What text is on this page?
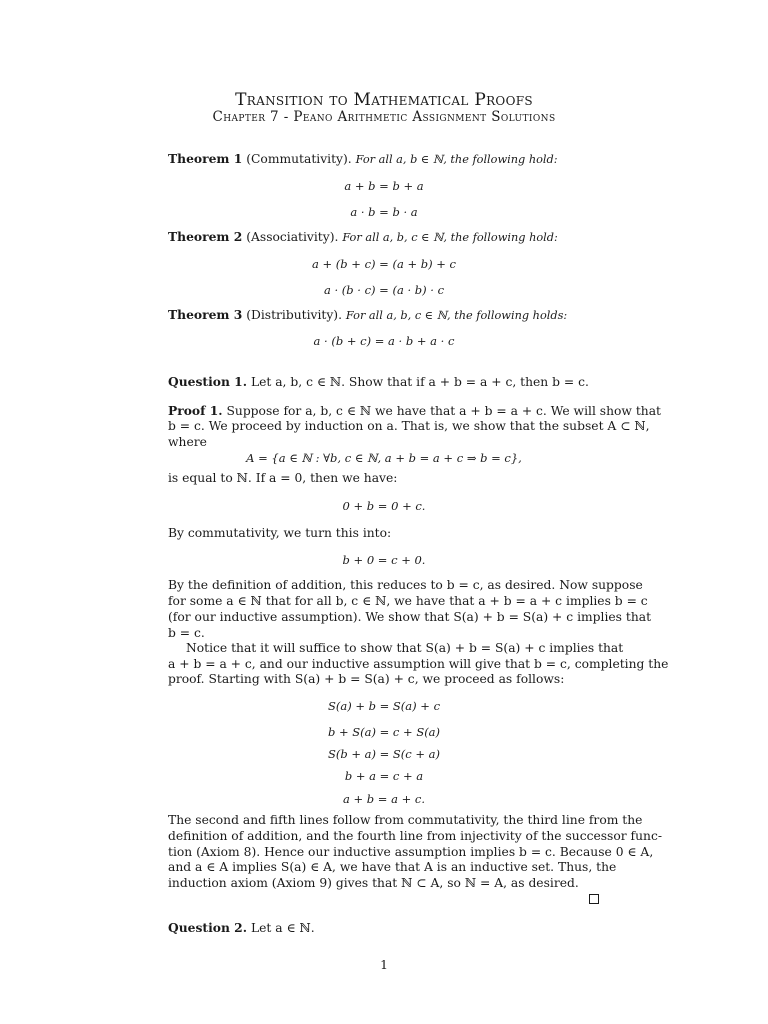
Transition to Mathematical Proofs
Chapter 7 - Peano Arithmetic Assignment Solutions
Theorem 1 (Commutativity). For all a, b ∈ ℕ, the following hold:
a + b = b + a
a · b = b · a
Theorem 2 (Associativity). For all a, b, c ∈ ℕ, the following hold:
a + (b + c) = (a + b) + c
a · (b · c) = (a · b) · c
Theorem 3 (Distributivity). For all a, b, c ∈ ℕ, the following holds:
a · (b + c) = a · b + a · c
Question 1. Let a, b, c ∈ ℕ. Show that if a + b = a + c, then b = c.
Proof 1. Suppose for a, b, c ∈ ℕ we have that a + b = a + c. We will show that
b = c. We proceed by induction on a. That is, we show that the subset A ⊂ ℕ,
where
A = {a ∈ ℕ : ∀b, c ∈ ℕ, a + b = a + c ⇒ b = c},
is equal to ℕ. If a = 0, then we have:
0 + b = 0 + c.
By commutativity, we turn this into:
b + 0 = c + 0.
By the definition of addition, this reduces to b = c, as desired. Now suppose
for some a ∈ ℕ that for all b, c ∈ ℕ, we have that a + b = a + c implies b = c
(for our inductive assumption). We show that S(a) + b = S(a) + c implies that
b = c.
Notice that it will suffice to show that S(a) + b = S(a) + c implies that
a + b = a + c, and our inductive assumption will give that b = c, completing the
proof. Starting with S(a) + b = S(a) + c, we proceed as follows:
S(a) + b = S(a) + c
b + S(a) = c + S(a)
S(b + a) = S(c + a)
b + a = c + a
a + b = a + c.
The second and fifth lines follow from commutativity, the third line from the
definition of addition, and the fourth line from injectivity of the successor func-
tion (Axiom 8). Hence our inductive assumption implies b = c. Because 0 ∈ A,
and a ∈ A implies S(a) ∈ A, we have that A is an inductive set. Thus, the
induction axiom (Axiom 9) gives that ℕ ⊂ A, so ℕ = A, as desired.
Question 2. Let a ∈ ℕ.
1
